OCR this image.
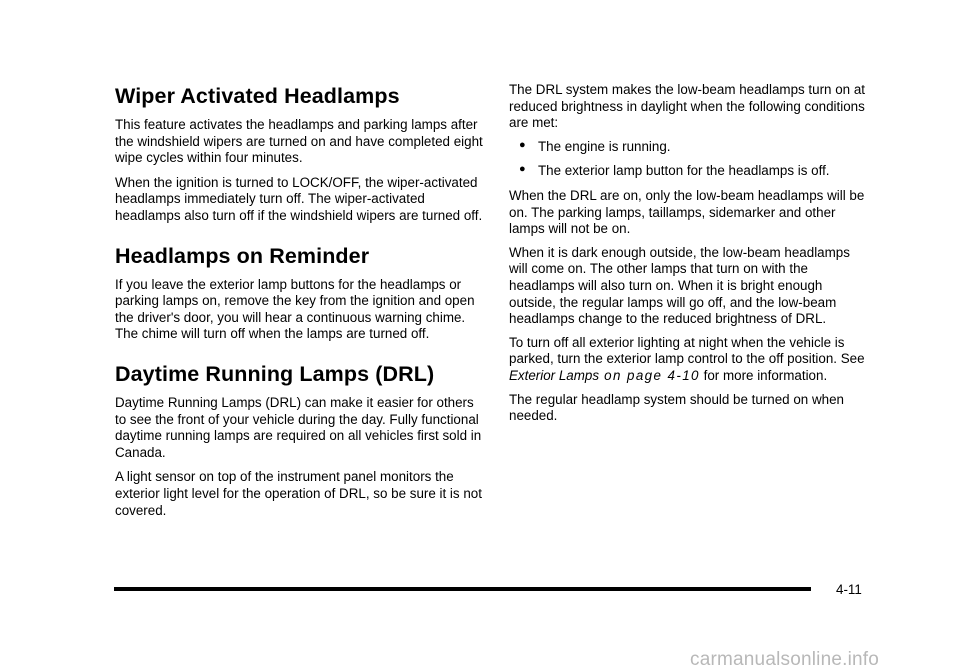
Wiper Activated Headlamps

This feature activates the headlamps and parking lamps after the windshield wipers are turned on and have completed eight wipe cycles within four minutes.

When the ignition is turned to LOCK/OFF, the wiper-activated headlamps immediately turn off. The wiper-activated headlamps also turn off if the windshield wipers are turned off.

Headlamps on Reminder

If you leave the exterior lamp buttons for the headlamps or parking lamps on, remove the key from the ignition and open the driver's door, you will hear a continuous warning chime. The chime will turn off when the lamps are turned off.

Daytime Running Lamps (DRL)

Daytime Running Lamps (DRL) can make it easier for others to see the front of your vehicle during the day. Fully functional daytime running lamps are required on all vehicles first sold in Canada.

A light sensor on top of the instrument panel monitors the exterior light level for the operation of DRL, so be sure it is not covered.

The DRL system makes the low-beam headlamps turn on at reduced brightness in daylight when the following conditions are met:

● The engine is running.
● The exterior lamp button for the headlamps is off.

When the DRL are on, only the low-beam headlamps will be on. The parking lamps, taillamps, sidemarker and other lamps will not be on.

When it is dark enough outside, the low-beam headlamps will come on. The other lamps that turn on with the headlamps will also turn on. When it is bright enough outside, the regular lamps will go off, and the low-beam headlamps change to the reduced brightness of DRL.

To turn off all exterior lighting at night when the vehicle is parked, turn the exterior lamp control to the off position. See Exterior Lamps on page 4-10 for more information.

The regular headlamp system should be turned on when needed.

4-11
carmanualsonline.info
